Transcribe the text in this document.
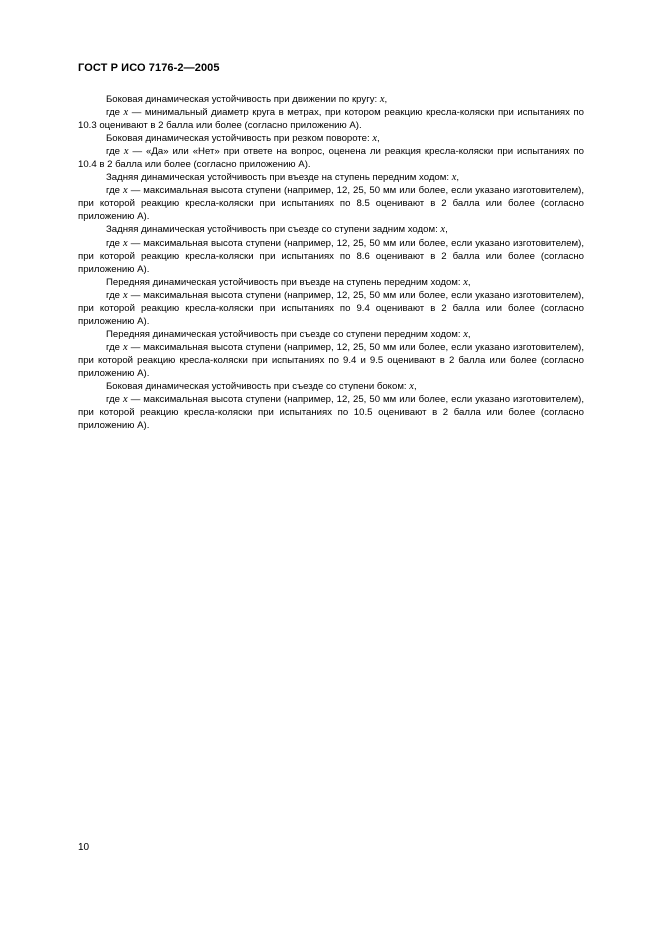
ГОСТ Р ИСО 7176-2—2005

Боковая динамическая устойчивость при движении по кругу: x,

где x — минимальный диаметр круга в метрах, при котором реакцию кресла-коляски при испытаниях по 10.3 оценивают в 2 балла или более (согласно приложению А).

Боковая динамическая устойчивость при резком повороте: x,

где x — «Да» или «Нет» при ответе на вопрос, оценена ли реакция кресла-коляски при испытаниях по 10.4 в 2 балла или более (согласно приложению А).

Задняя динамическая устойчивость при въезде на ступень передним ходом: x,

где x — максимальная высота ступени (например, 12, 25, 50 мм или более, если указано изготовителем), при которой реакцию кресла-коляски при испытаниях по 8.5 оценивают в 2 балла или более (согласно приложению А).

Задняя динамическая устойчивость при съезде со ступени задним ходом: x,

где x — максимальная высота ступени (например, 12, 25, 50 мм или более, если указано изготовителем), при которой реакцию кресла-коляски при испытаниях по 8.6 оценивают в 2 балла или более (согласно приложению А).

Передняя динамическая устойчивость при въезде на ступень передним ходом: x,

где x — максимальная высота ступени (например, 12, 25, 50 мм или более, если указано изготовителем), при которой реакцию кресла-коляски при испытаниях по 9.4 оценивают в 2 балла или более (согласно приложению А).

Передняя динамическая устойчивость при съезде со ступени передним ходом: x,

где x — максимальная высота ступени (например, 12, 25, 50 мм или более, если указано изготовителем), при которой реакцию кресла-коляски при испытаниях по 9.4 и 9.5 оценивают в 2 балла или более (согласно приложению А).

Боковая динамическая устойчивость при съезде со ступени боком: x,

где x — максимальная высота ступени (например, 12, 25, 50 мм или более, если указано изготовителем), при которой реакцию кресла-коляски при испытаниях по 10.5 оценивают в 2 балла или более (согласно приложению А).

10
